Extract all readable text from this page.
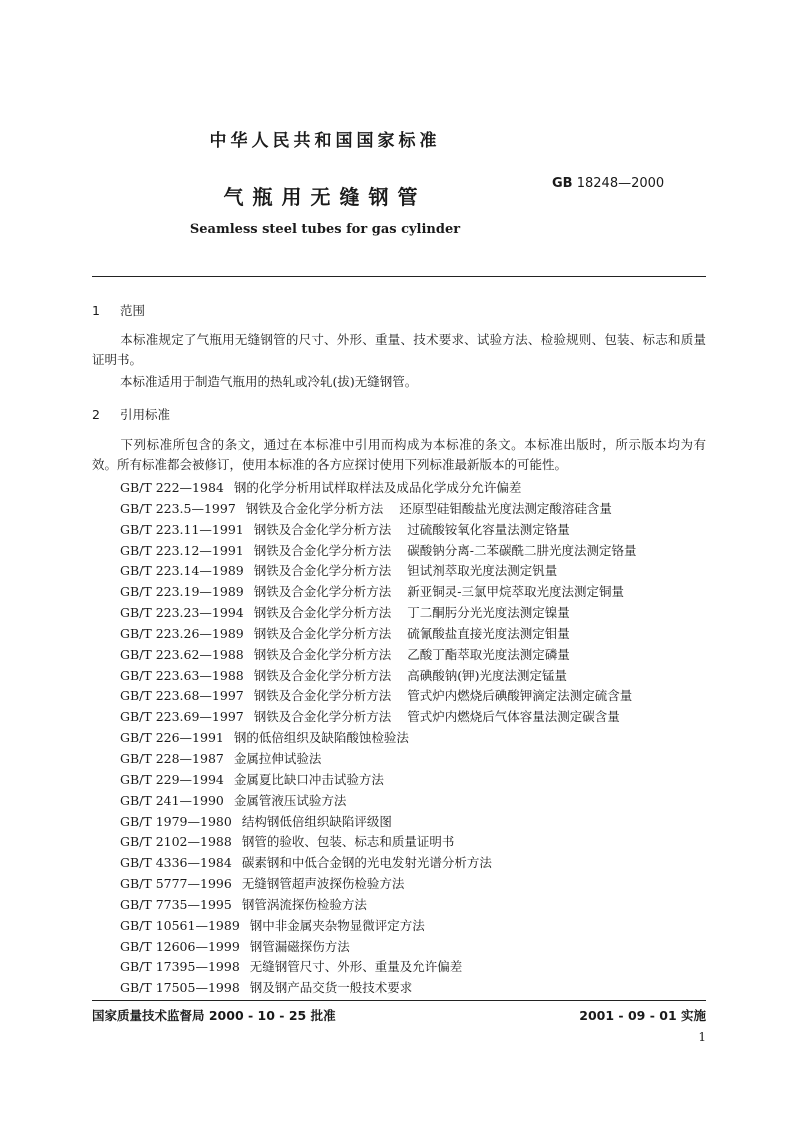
中华人民共和国国家标准
气瓶用无缝钢管
GB 18248—2000
Seamless steel tubes for gas cylinder
1 范围
本标准规定了气瓶用无缝钢管的尺寸、外形、重量、技术要求、试验方法、检验规则、包装、标志和质量证明书。
本标准适用于制造气瓶用的热轧或冷轧(拔)无缝钢管。
2 引用标准
下列标准所包含的条文，通过在本标准中引用而构成为本标准的条文。本标准出版时，所示版本均为有效。所有标准都会被修订，使用本标准的各方应探讨使用下列标准最新版本的可能性。
GB/T 222—1984 钢的化学分析用试样取样法及成品化学成分允许偏差
GB/T 223.5—1997 钢铁及合金化学分析方法 还原型硅钼酸盐光度法测定酸溶硅含量
GB/T 223.11—1991 钢铁及合金化学分析方法 过硫酸铵氧化容量法测定铬量
GB/T 223.12—1991 钢铁及合金化学分析方法 碳酸钠分离-二苯碳酰二肼光度法测定铬量
GB/T 223.14—1989 钢铁及合金化学分析方法 钽试剂萃取光度法测定钒量
GB/T 223.19—1989 钢铁及合金化学分析方法 新亚铜灵-三氯甲烷萃取光度法测定铜量
GB/T 223.23—1994 钢铁及合金化学分析方法 丁二酮肟分光光度法测定镍量
GB/T 223.26—1989 钢铁及合金化学分析方法 硫氰酸盐直接光度法测定钼量
GB/T 223.62—1988 钢铁及合金化学分析方法 乙酸丁酯萃取光度法测定磷量
GB/T 223.63—1988 钢铁及合金化学分析方法 高碘酸钠(钾)光度法测定锰量
GB/T 223.68—1997 钢铁及合金化学分析方法 管式炉内燃烧后碘酸钾滴定法测定硫含量
GB/T 223.69—1997 钢铁及合金化学分析方法 管式炉内燃烧后气体容量法测定碳含量
GB/T 226—1991 钢的低倍组织及缺陷酸蚀检验法
GB/T 228—1987 金属拉伸试验法
GB/T 229—1994 金属夏比缺口冲击试验方法
GB/T 241—1990 金属管液压试验方法
GB/T 1979—1980 结构钢低倍组织缺陷评级图
GB/T 2102—1988 钢管的验收、包装、标志和质量证明书
GB/T 4336—1984 碳素钢和中低合金钢的光电发射光谱分析方法
GB/T 5777—1996 无缝钢管超声波探伤检验方法
GB/T 7735—1995 钢管涡流探伤检验方法
GB/T 10561—1989 钢中非金属夹杂物显微评定方法
GB/T 12606—1999 钢管漏磁探伤方法
GB/T 17395—1998 无缝钢管尺寸、外形、重量及允许偏差
GB/T 17505—1998 钢及钢产品交货一般技术要求
国家质量技术监督局 2000 - 10 - 25 批准	2001 - 09 - 01 实施
1
